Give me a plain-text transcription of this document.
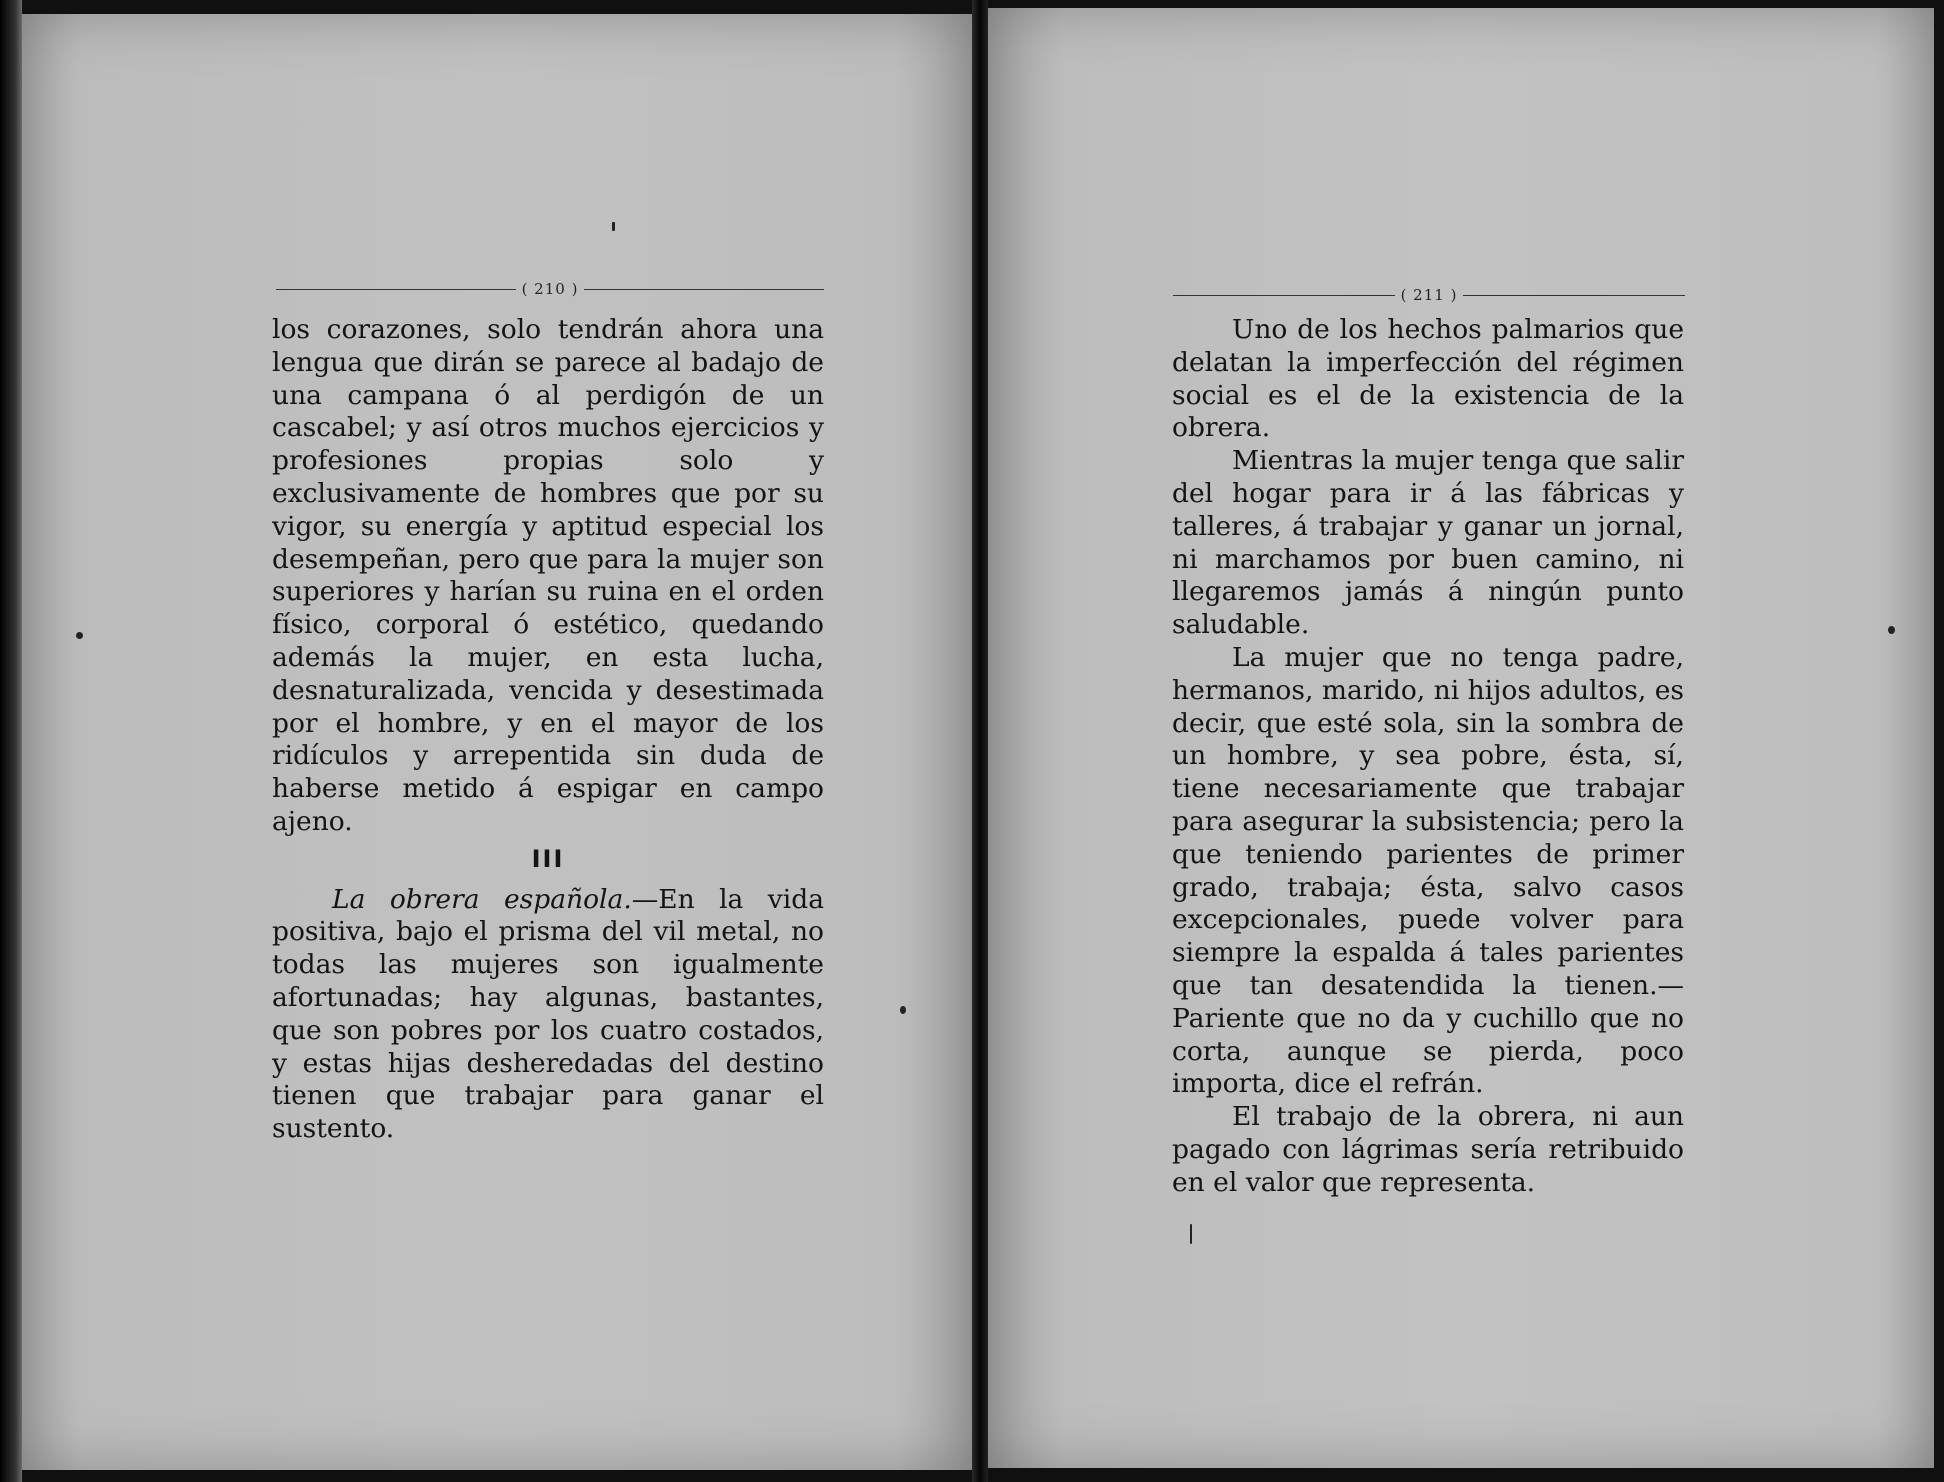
( 210 )

los corazones, solo tendrán ahora una lengua que dirán se parece al badajo de una campana ó al perdigón de un cascabel; y así otros muchos ejercicios y profesiones propias solo y exclusivamente de hombres que por su vigor, su energía y aptitud especial los desempeñan, pero que para la mujer son superiores y harían su ruina en el orden físico, corporal ó estético, quedando además la mujer, en esta lucha, desnaturalizada, vencida y desestimada por el hombre, y en el mayor de los ridículos y arrepentida sin duda de haberse metido á espigar en campo ajeno.

III

La obrera española.—En la vida positiva, bajo el prisma del vil metal, no todas las mujeres son igualmente afortunadas; hay algunas, bastantes, que son pobres por los cuatro costados, y estas hijas desheredadas del destino tienen que trabajar para ganar el sustento.

( 211 )

Uno de los hechos palmarios que delatan la imperfección del régimen social es el de la existencia de la obrera.

Mientras la mujer tenga que salir del hogar para ir á las fábricas y talleres, á trabajar y ganar un jornal, ni marchamos por buen camino, ni llegaremos jamás á ningún punto saludable.

La mujer que no tenga padre, hermanos, marido, ni hijos adultos, es decir, que esté sola, sin la sombra de un hombre, y sea pobre, ésta, sí, tiene necesariamente que trabajar para asegurar la subsistencia; pero la que teniendo parientes de primer grado, trabaja; ésta, salvo casos excepcionales, puede volver para siempre la espalda á tales parientes que tan desatendida la tienen.—Pariente que no da y cuchillo que no corta, aunque se pierda, poco importa, dice el refrán.

El trabajo de la obrera, ni aun pagado con lágrimas sería retribuido en el valor que representa.
